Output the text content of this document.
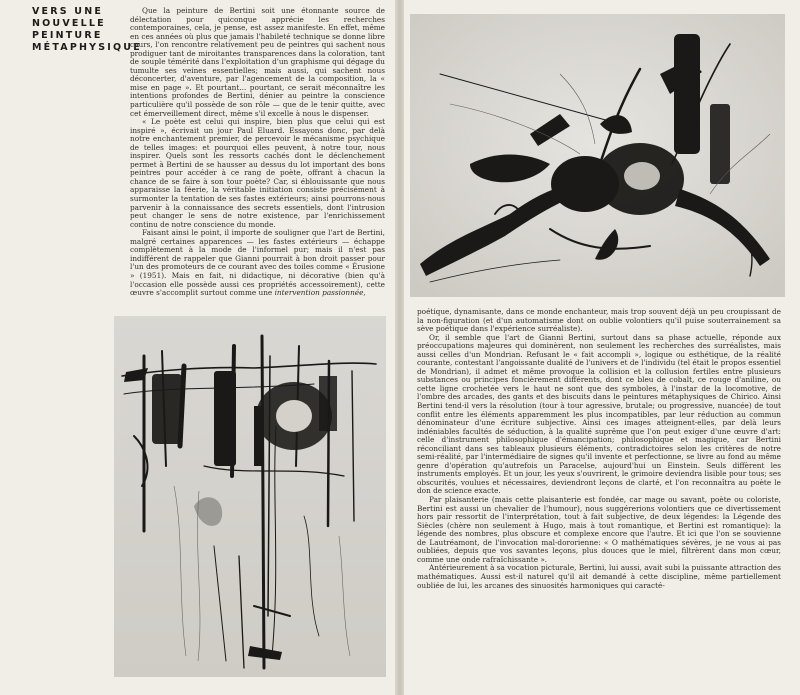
VERS UNE
NOUVELLE
PEINTURE
MÉTAPHYSIQUE

Que la peinture de Bertini soit une étonnante source de délectation pour quiconque apprécie les recherches contemporaines, cela, je pense, est assez manifeste. En effet, même en ces années où plus que jamais l'habileté technique se donne libre cours, l'on rencontre relativement peu de peintres qui sachent nous prodiguer tant de miroitantes transparences dans la coloration, tant de souple témérité dans l'exploitation d'un graphisme qui dégage du tumulte ses veines essentielles; mais aussi, qui sachent nous déconcerter, d'aventure, par l'agencement de la composition, la « mise en page ». Et pourtant... pourtant, ce serait méconnaître les intentions profondes de Bertini, dénier au peintre la conscience particulière qu'il possède de son rôle — que de le tenir quitte, avec cet émerveillement direct, même s'il excelle à nous le dispenser.

« Le poète est celui qui inspire, bien plus que celui qui est inspiré », écrivait un jour Paul Eluard. Essayons donc, par delà notre enchantement premier, de percevoir le mécanisme psychique de telles images: et pourquoi elles peuvent, à notre tour, nous inspirer. Quels sont les ressorts cachés dont le déclenchement permet à Bertini de se hausser au dessus du lot important des bons peintres pour accéder à ce rang de poète, offrant à chacun la chance de se faire à son tour poète? Car, si éblouissante que nous apparaisse la féerie, la véritable initiation consiste précisément à surmonter la tentation de ses fastes extérieurs; ainsi pourrons-nous parvenir à la connaissance des secrets essentiels, dont l'intrusion peut changer le sens de notre existence, par l'enrichissement continu de notre conscience du monde.

Faisant ainsi le point, il importe de souligner que l'art de Bertini, malgré certaines apparences — les fastes extérieurs — échappe complètement à la mode de l'informel pur; mais il n'est pas indifférent de rappeler que Gianni pourrait à bon droit passer pour l'un des promoteurs de ce courant avec des toiles comme « Érusione » (1951). Mais en fait, ni didactique, ni décorative (bien qu'à l'occasion elle possède aussi ces propriétés accessoirement), cette œuvre s'accomplit surtout comme une intervention passionnée,

poétique, dynamisante, dans ce monde enchanteur, mais trop souvent déjà un peu croupissant de la non-figuration (et d'un automatisme dont on oublie volontiers qu'il puise souterrainement sa sève poétique dans l'expérience surréaliste).

Or, il semble que l'art de Gianni Bertini, surtout dans sa phase actuelle, réponde aux préoccupations majeures qui dominèrent, non seulement les recherches des surréalistes, mais aussi celles d'un Mondrian. Refusant le « fait accompli », logique ou esthétique, de la réalité courante, contestant l'angoissante dualité de l'univers et de l'individu (tel était le propos essentiel de Mondrian), il admet et même provoque la collision et la collusion fertiles entre plusieurs substances ou principes foncièrement différents, dont ce bleu de cobalt, ce rouge d'aniline, ou cette ligne crochetée vers le haut ne sont que des symboles, à l'instar de la locomotive, de l'ombre des arcades, des gants et des biscuits dans le peintures métaphysiques de Chirico. Ainsi Bertini tend-il vers la résolution (tour à tour agressive, brutale; ou progressive, nuancée) de tout conflit entre les éléments apparemment les plus incompatibles, par leur réduction au commun dénominateur d'une écriture subjective. Ainsi ces images atteignent-elles, par delà leurs indéniables facultés de séduction, à la qualité suprême que l'on peut exiger d'une œuvre d'art: celle d'instrument philosophique d'émancipation; philosophique et magique, car Bertini réconciliant dans ses tableaux plusieurs éléments, contradictoires selon les critères de notre semi-réalité, par l'intermédiaire de signes qu'il invente et perfectionne, se livre au fond au même genre d'opération qu'autrefois un Paracelse, aujourd'hui un Einstein. Seuls diffèrent les instruments employés. Et un jour, les yeux s'ouvrirent, le grimoire deviendra lisible pour tous; ses obscurités, voulues et nécessaires, deviendront leçons de clarté, et l'on reconnaîtra au poète le don de science exacte.

Par plaisanterie (mais cette plaisanterie est fondée, car mage ou savant, poète ou coloriste, Bertini est aussi un chevalier de l'humour), nous suggérerions volontiers que ce divertissement hors pair ressortit de l'interprétation, tout à fait subjective, de deux légendes: la Légende des Siècles (chère non seulement à Hugo, mais à tout romantique, et Bertini est romantique): la légende des nombres, plus obscure et complexe encore que l'autre. Et ici que l'on se souvienne de Lautréamont, de l'invocation mal-dororienne: « O mathématiques sévères, je ne vous ai pas oubliées, depuis que vos savantes leçons, plus douces que le miel, filtrèrent dans mon cœur, comme une onde rafraîchissante ».

Antérieurement à sa vocation picturale, Bertini, lui aussi, avait subi la puissante attraction des mathématiques. Aussi est-il naturel qu'il ait demandé à cette discipline, même partiellement oubliée de lui, les arcanes des sinuosités harmoniques qui caracté-
